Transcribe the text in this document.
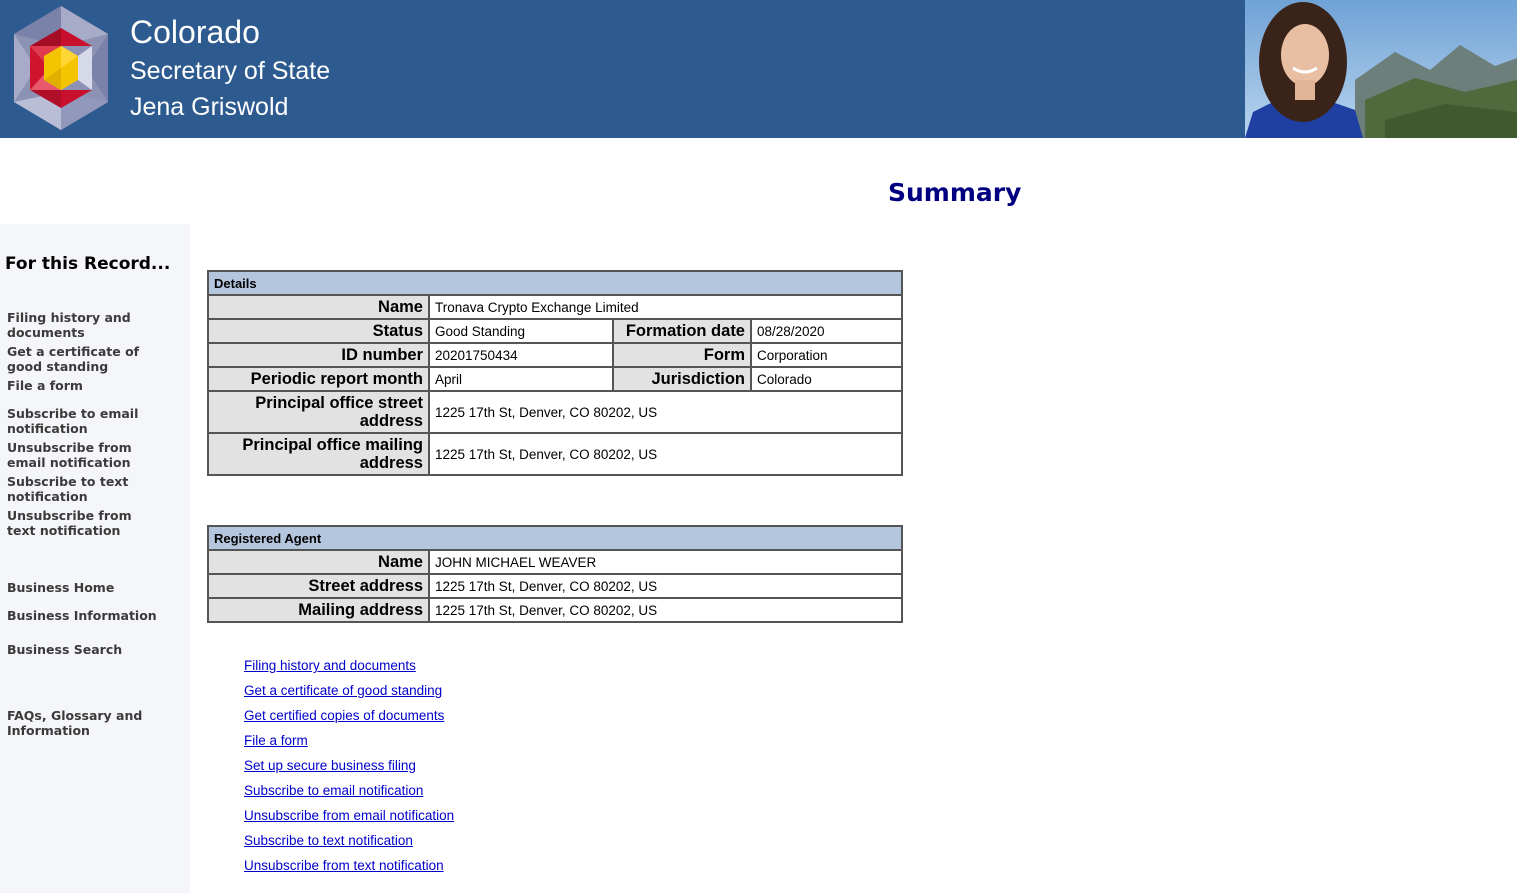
Colorado
Secretary of State
Jena Griswold
Summary
For this Record...
Filing history and documents
Get a certificate of good standing
File a form
Subscribe to email notification
Unsubscribe from email notification
Subscribe to text notification
Unsubscribe from text notification
Business Home
Business Information
Business Search
FAQs, Glossary and Information
Details			
Name	Tronava Crypto Exchange Limited		
Status	Good Standing	Formation date	08/28/2020
ID number	20201750434	Form	Corporation
Periodic report month	April	Jurisdiction	Colorado
Principal office street address	1225 17th St, Denver, CO 80202, US		
Principal office mailing address	1225 17th St, Denver, CO 80202, US		
Registered Agent	
Name	JOHN MICHAEL WEAVER
Street address	1225 17th St, Denver, CO 80202, US
Mailing address	1225 17th St, Denver, CO 80202, US
Filing history and documents
Get a certificate of good standing
Get certified copies of documents
File a form
Set up secure business filing
Subscribe to email notification
Unsubscribe from email notification
Subscribe to text notification
Unsubscribe from text notification
